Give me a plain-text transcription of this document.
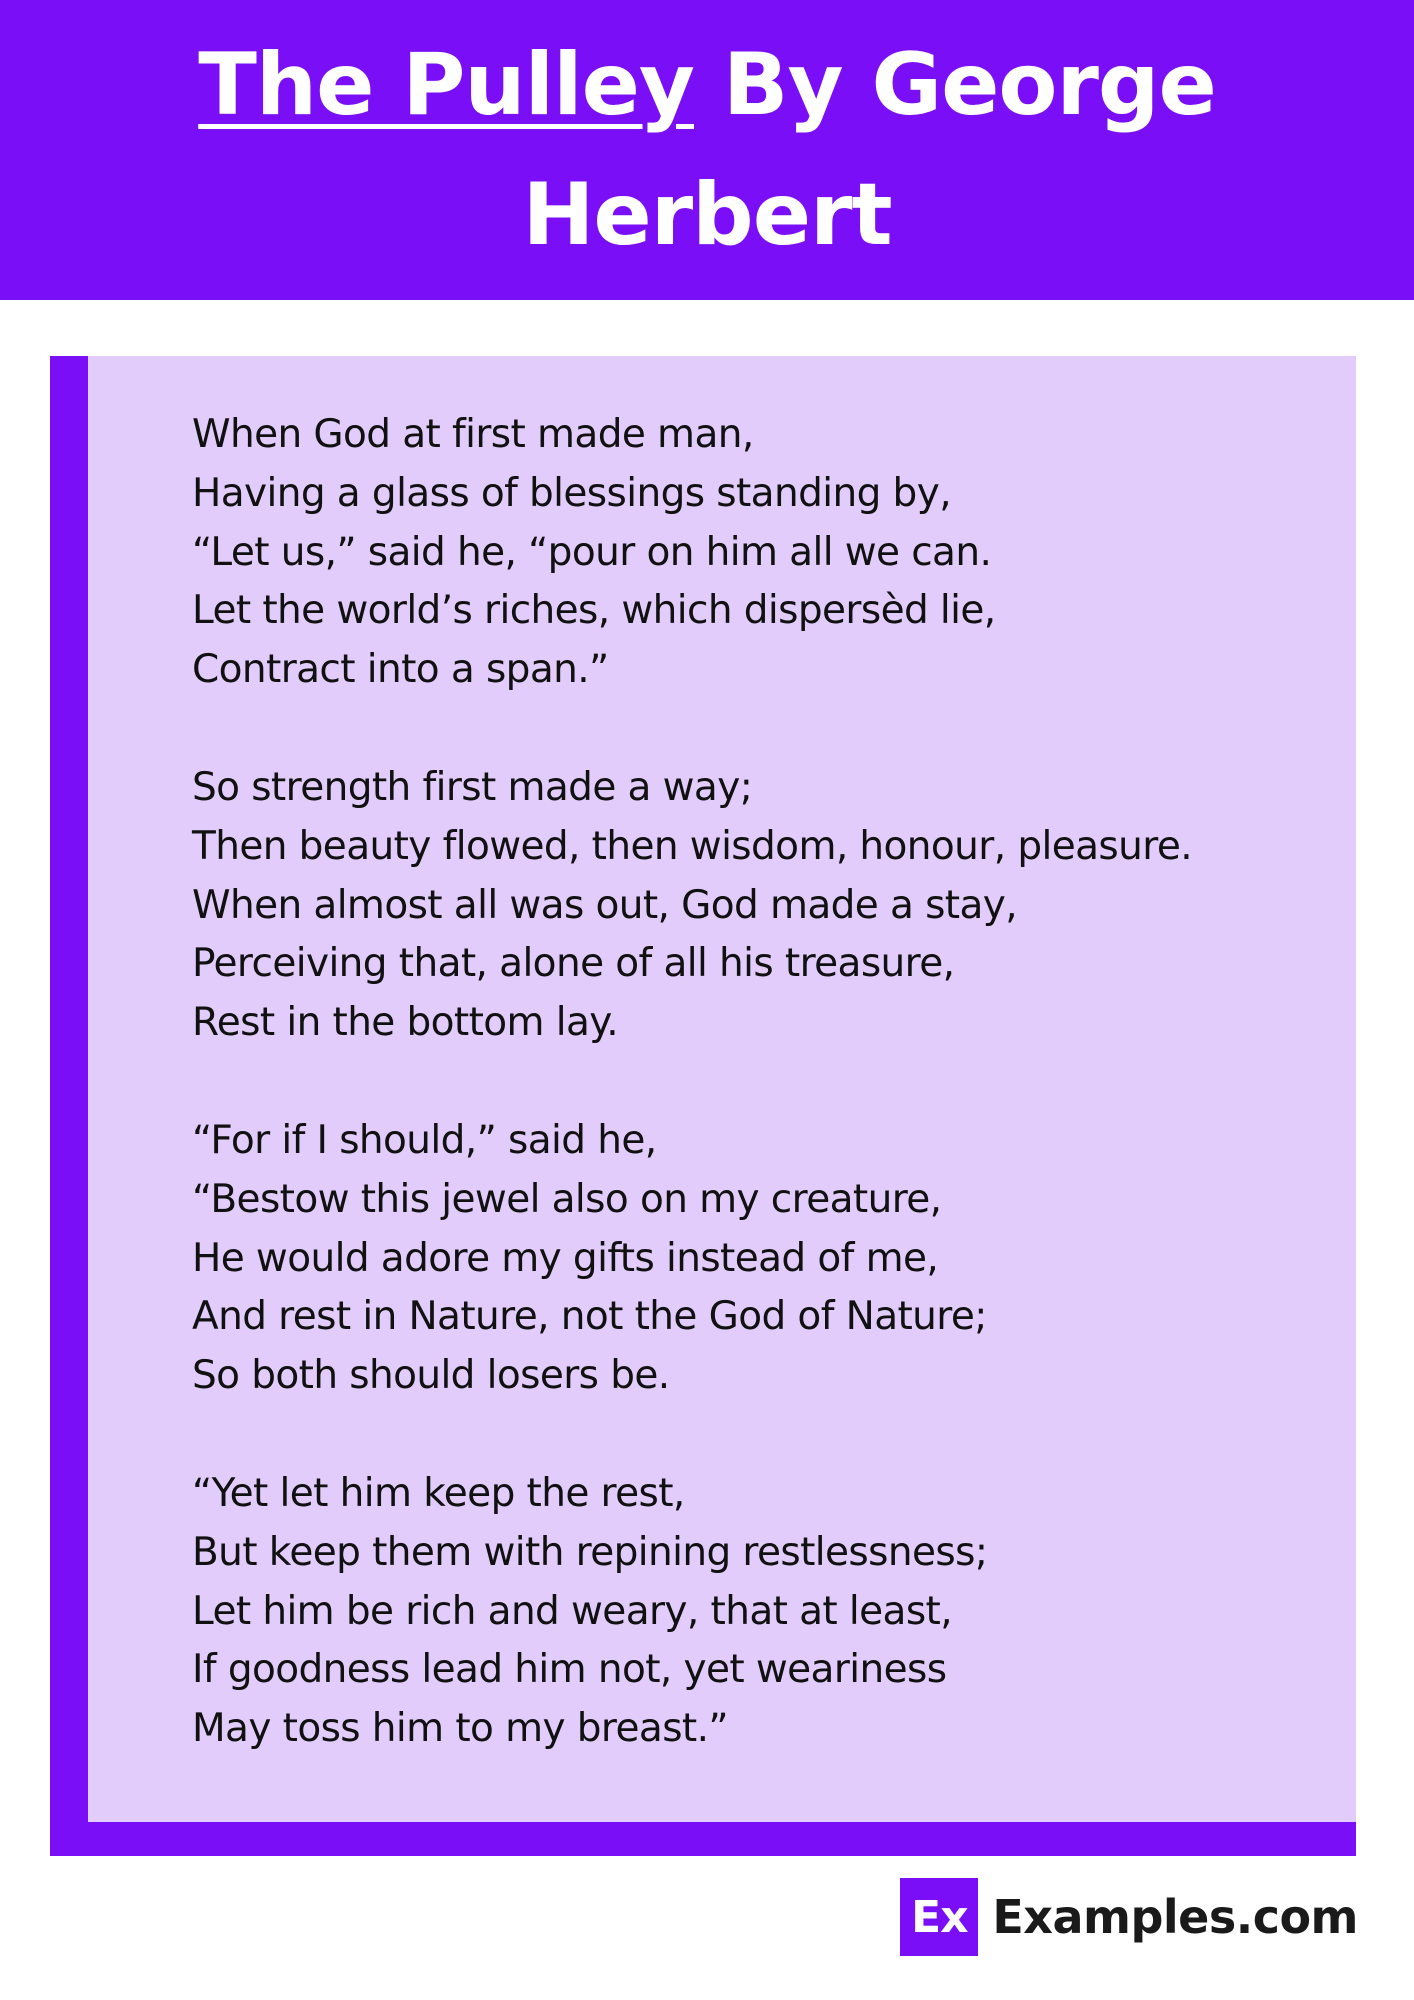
The Pulley By George Herbert

When God at first made man,
Having a glass of blessings standing by,
“Let us,” said he, “pour on him all we can.
Let the world’s riches, which dispersèd lie,
Contract into a span.”

So strength first made a way;
Then beauty flowed, then wisdom, honour, pleasure.
When almost all was out, God made a stay,
Perceiving that, alone of all his treasure,
Rest in the bottom lay.

“For if I should,” said he,
“Bestow this jewel also on my creature,
He would adore my gifts instead of me,
And rest in Nature, not the God of Nature;
So both should losers be.

“Yet let him keep the rest,
But keep them with repining restlessness;
Let him be rich and weary, that at least,
If goodness lead him not, yet weariness
May toss him to my breast.”

Ex Examples.com
